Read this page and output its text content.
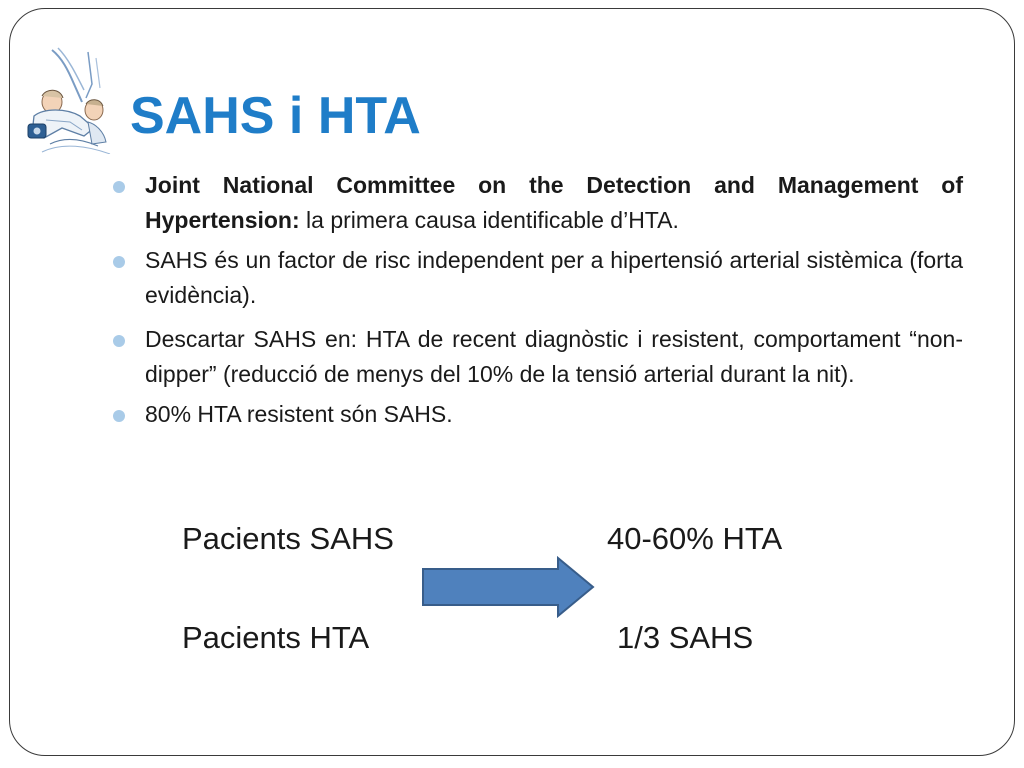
SAHS i HTA
Joint National Committee on the Detection and Management of Hypertension: la primera causa identificable d’HTA.
SAHS és un factor de risc independent per a hipertensió arterial sistèmica (forta evidència).
Descartar SAHS en: HTA de recent diagnòstic i resistent, comportament “non-dipper” (reducció de menys del 10% de la tensió arterial durant la nit).
80% HTA resistent són SAHS.

Pacients SAHS	40-60% HTA

Pacients HTA	1/3 SAHS
